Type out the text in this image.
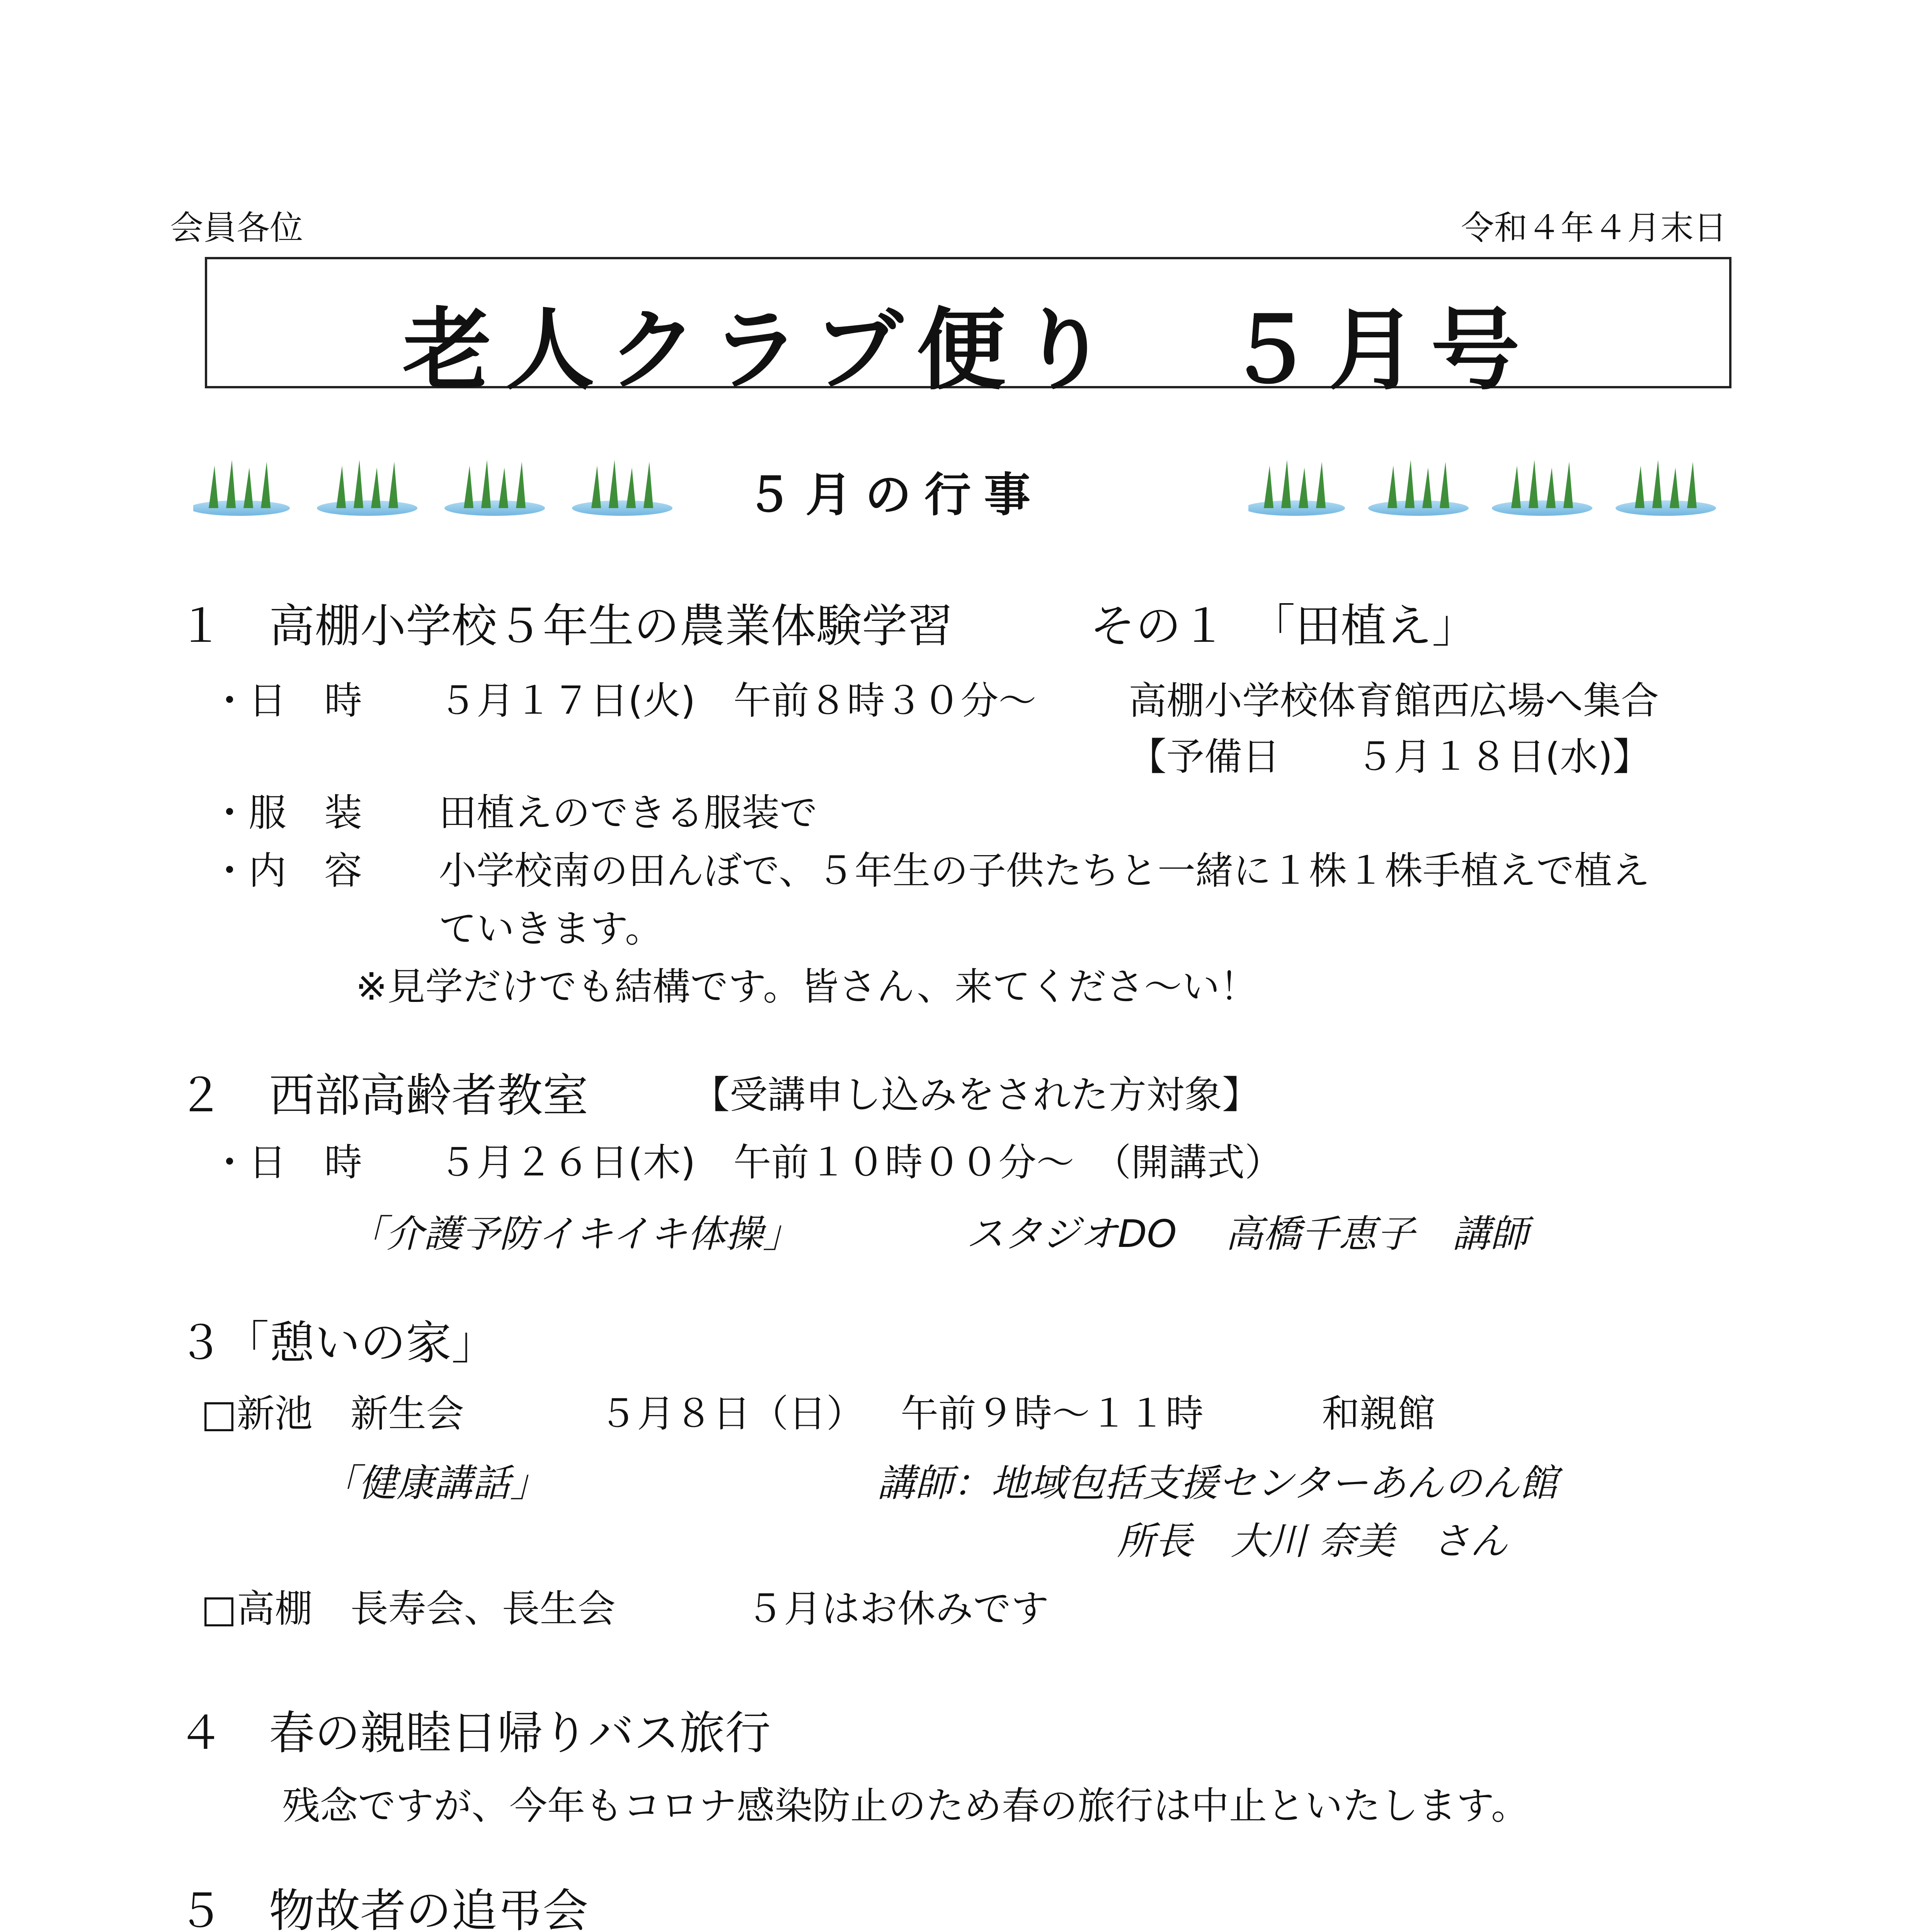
会員各位	令和４年４月末日
老人クラブ便り　５月号
５月の行事
１　高棚小学校５年生の農業体験学習　　　その１　「田植え」
・日　時 ５月１７日(火)　午前８時３０分～ 高棚小学校体育館西広場へ集合
【予備日　　５月１８日(水)】
・服　装 田植えのできる服装で
・内　容 小学校南の田んぼで、５年生の子供たちと一緒に１株１株手植えで植え
ていきます。
※見学だけでも結構です。皆さん、来てくださ～い！
２　西部高齢者教室	【受講申し込みをされた方対象】
・日　時 ５月２６日(木)　午前１０時００分～　（開講式）
「介護予防イキイキ体操」	スタジオDO 高橋千恵子　講師
３「憩いの家」
□新池　新生会	５月８日（日） 午前９時～１１時	和親館
「健康講話」	講師：地域包括支援センターあんのん館
所長　大川 奈美　さん
□高棚　長寿会、長生会	５月はお休みです
４　春の親睦日帰りバス旅行
残念ですが、今年もコロナ感染防止のため春の旅行は中止といたします。
５　物故者の追弔会
